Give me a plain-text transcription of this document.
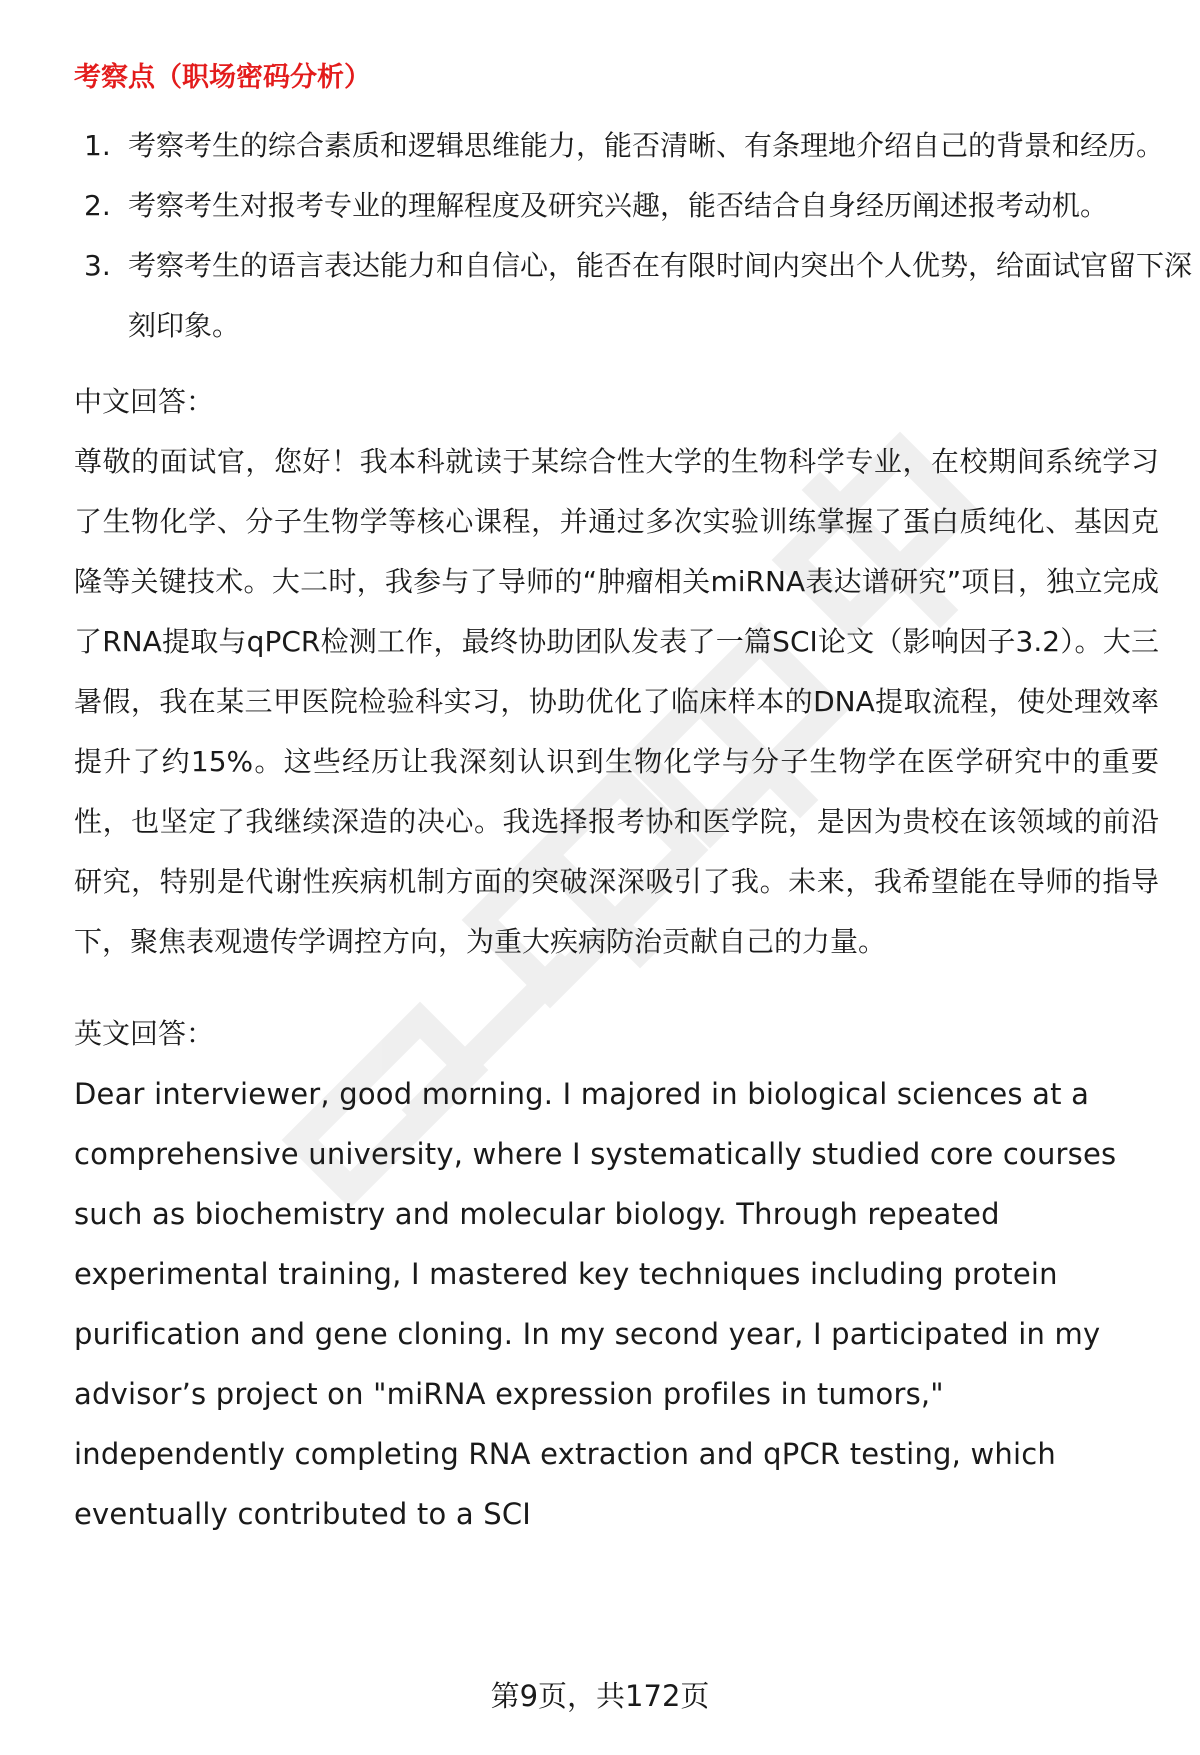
考察点（职场密码分析）
1. 考察考生的综合素质和逻辑思维能力，能否清晰、有条理地介绍自己的背景和经历。
2. 考察考生对报考专业的理解程度及研究兴趣，能否结合自身经历阐述报考动机。
3. 考察考生的语言表达能力和自信心，能否在有限时间内突出个人优势，给面试官留下深刻印象。
中文回答：

尊敬的面试官，您好！我本科就读于某综合性大学的生物科学专业，在校期间系统学习了生物化学、分子生物学等核心课程，并通过多次实验训练掌握了蛋白质纯化、基因克隆等关键技术。大二时，我参与了导师的“肿瘤相关miRNA表达谱研究”项目，独立完成了RNA提取与qPCR检测工作，最终协助团队发表了一篇SCI论文（影响因子3.2）。大三暑假，我在某三甲医院检验科实习，协助优化了临床样本的DNA提取流程，使处理效率提升了约15%。这些经历让我深刻认识到生物化学与分子生物学在医学研究中的重要性，也坚定了我继续深造的决心。我选择报考协和医学院，是因为贵校在该领域的前沿研究，特别是代谢性疾病机制方面的突破深深吸引了我。未来，我希望能在导师的指导下，聚焦表观遗传学调控方向，为重大疾病防治贡献自己的力量。

英文回答：

Dear interviewer, good morning. I majored in biological sciences at a comprehensive university, where I systematically studied core courses such as biochemistry and molecular biology. Through repeated experimental training, I mastered key techniques including protein purification and gene cloning. In my second year, I participated in my advisor’s project on "miRNA expression profiles in tumors," independently completing RNA extraction and qPCR testing, which eventually contributed to a SCI

第9页，共172页
